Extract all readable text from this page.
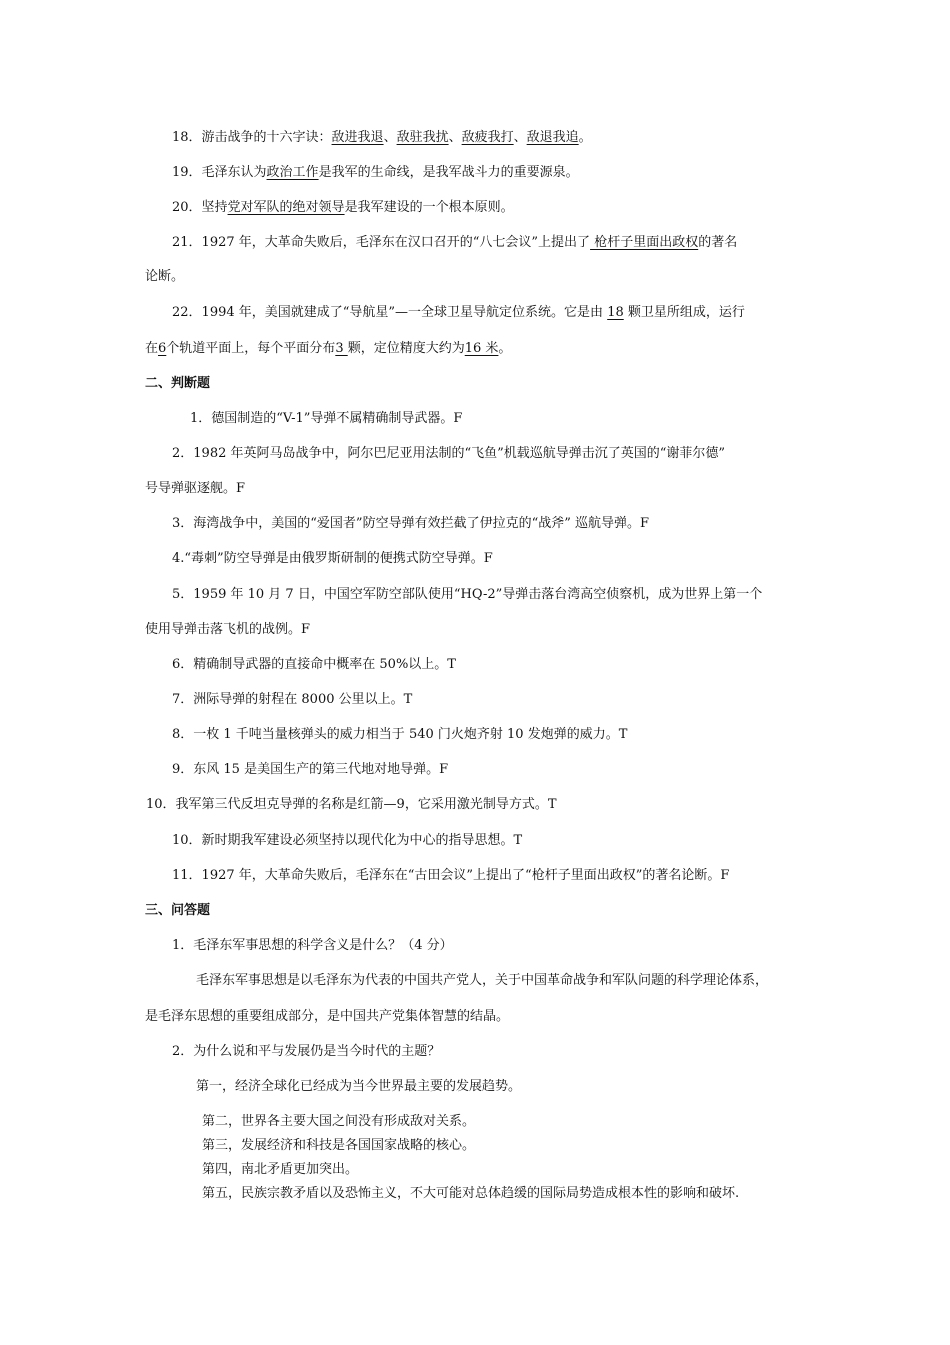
18．游击战争的十六字诀：敌进我退、敌驻我扰、敌疲我打、敌退我追。
19．毛泽东认为政治工作是我军的生命线，是我军战斗力的重要源泉。
20．坚持党对军队的绝对领导是我军建设的一个根本原则。
21．1927 年，大革命失败后，毛泽东在汉口召开的“八七会议”上提出了 枪杆子里面出政权的著名
论断。
22．1994 年，美国就建成了“导航星”—一全球卫星导航定位系统。它是由 18 颗卫星所组成，运行
在6个轨道平面上，每个平面分布3 颗，定位精度大约为16 米。
二、判断题
1．德国制造的“V-1”导弹不属精确制导武器。F
2．1982 年英阿马岛战争中，阿尔巴尼亚用法制的“飞鱼”机载巡航导弹击沉了英国的“谢菲尔德”
号导弹驱逐舰。F
3．海湾战争中，美国的“爱国者”防空导弹有效拦截了伊拉克的“战斧” 巡航导弹。F
4.“毒刺”防空导弹是由俄罗斯研制的便携式防空导弹。F
5．1959 年 10 月 7 日，中国空军防空部队使用“HQ-2”导弹击落台湾高空侦察机，成为世界上第一个
使用导弹击落飞机的战例。F
6．精确制导武器的直接命中概率在 50%以上。T
7．洲际导弹的射程在 8000 公里以上。T
8．一枚 1 千吨当量核弹头的威力相当于 540 门火炮齐射 10 发炮弹的威力。T
9．东风 15 是美国生产的第三代地对地导弹。F
10．我军第三代反坦克导弹的名称是红箭—9，它采用激光制导方式。T
10．新时期我军建设必须坚持以现代化为中心的指导思想。T
11．1927 年，大革命失败后，毛泽东在“古田会议”上提出了“枪杆子里面出政权”的著名论断。F
三、问答题
1．毛泽东军事思想的科学含义是什么？（4 分）
毛泽东军事思想是以毛泽东为代表的中国共产党人，关于中国革命战争和军队问题的科学理论体系，
是毛泽东思想的重要组成部分，是中国共产党集体智慧的结晶。
2．为什么说和平与发展仍是当今时代的主题？
第一，经济全球化已经成为当今世界最主要的发展趋势。
第二，世界各主要大国之间没有形成敌对关系。
第三，发展经济和科技是各国国家战略的核心。
第四，南北矛盾更加突出。
第五，民族宗教矛盾以及恐怖主义，不大可能对总体趋缓的国际局势造成根本性的影响和破坏.
